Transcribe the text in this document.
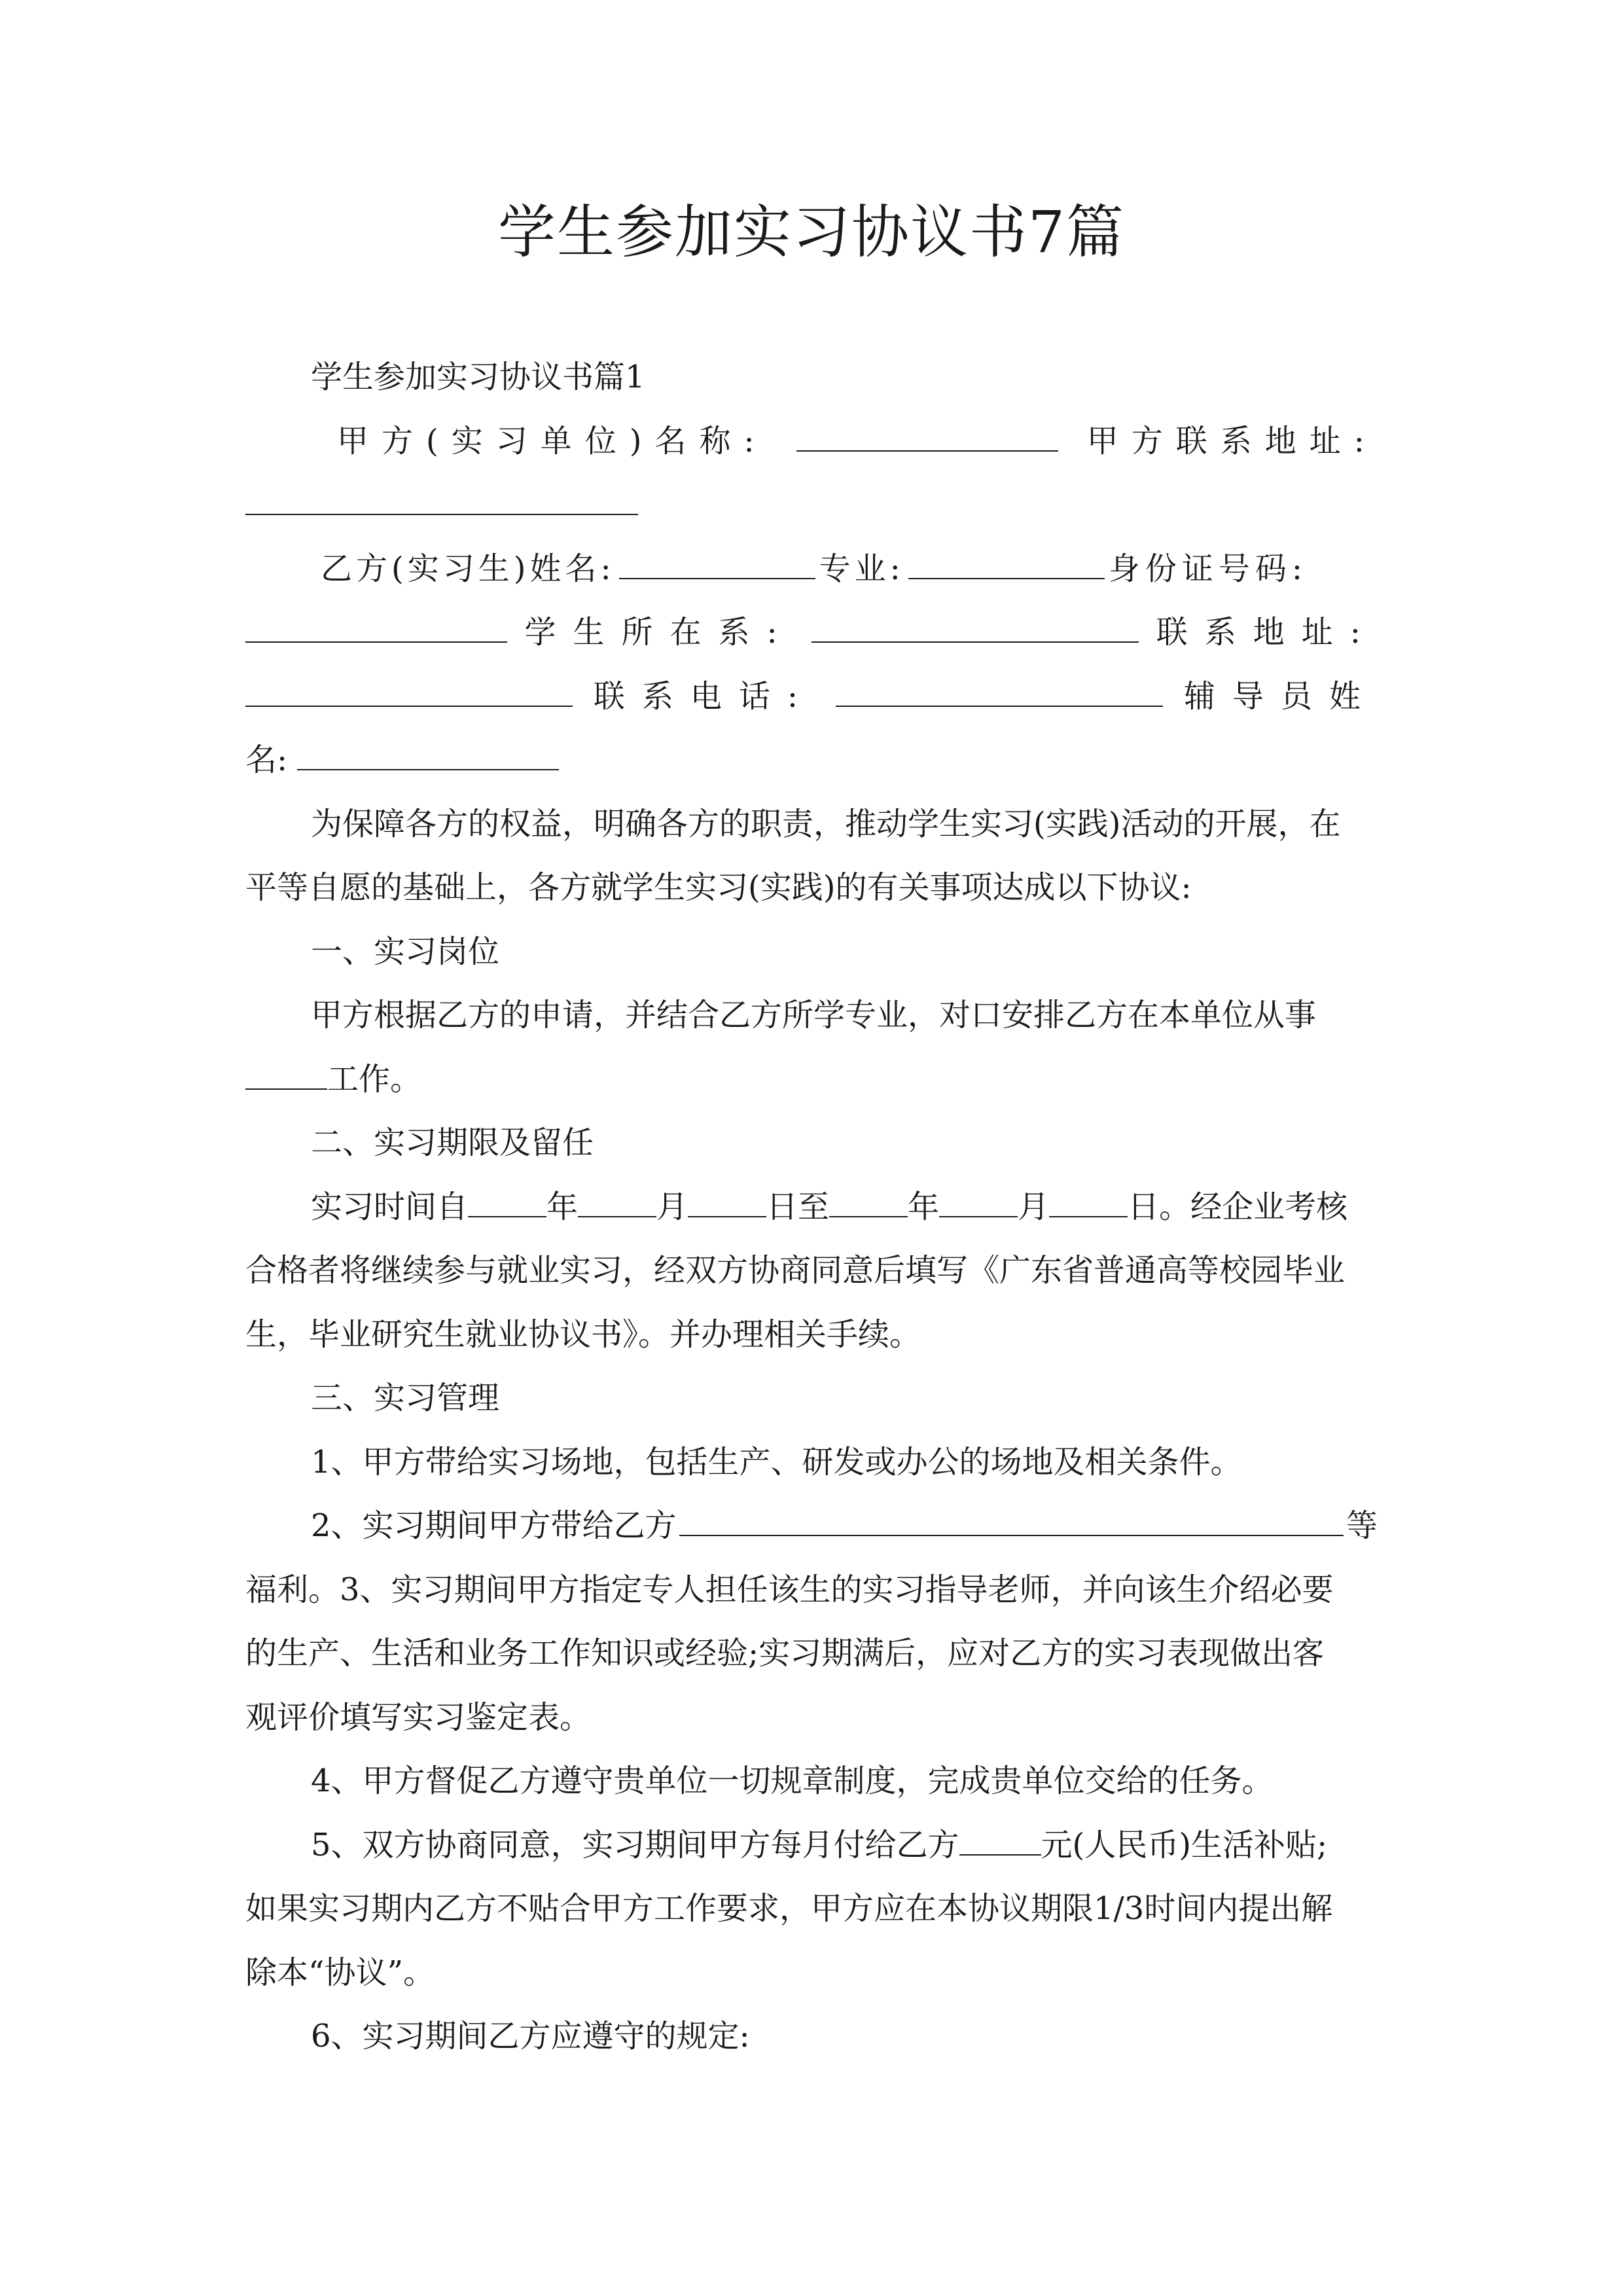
学生参加实习协议书7篇
学生参加实习协议书篇1
甲方(实习单位)名称:	甲方联系地址:
乙方(实习生)姓名:	专业:	身份证号码:
学生所在系:	联系地址:
联系电话:	辅导员姓
名:
为保障各方的权益，明确各方的职责，推动学生实习(实践)活动的开展，在
平等自愿的基础上，各方就学生实习(实践)的有关事项达成以下协议:
一、实习岗位
甲方根据乙方的申请，并结合乙方所学专业，对口安排乙方在本单位从事
工作。
二、实习期限及留任
实习时间自	年	月	日至	年	月	日。经企业考核
合格者将继续参与就业实习，经双方协商同意后填写《广东省普通高等校园毕业
生，毕业研究生就业协议书》。并办理相关手续。
三、实习管理
1、甲方带给实习场地，包括生产、研发或办公的场地及相关条件。
2、实习期间甲方带给乙方	等
福利。3、实习期间甲方指定专人担任该生的实习指导老师，并向该生介绍必要
的生产、生活和业务工作知识或经验;实习期满后，应对乙方的实习表现做出客
观评价填写实习鉴定表。
4、甲方督促乙方遵守贵单位一切规章制度，完成贵单位交给的任务。
5、双方协商同意，实习期间甲方每月付给乙方	元(人民币)生活补贴;
如果实习期内乙方不贴合甲方工作要求，甲方应在本协议期限1/3时间内提出解
除本“协议”。
6、实习期间乙方应遵守的规定:
